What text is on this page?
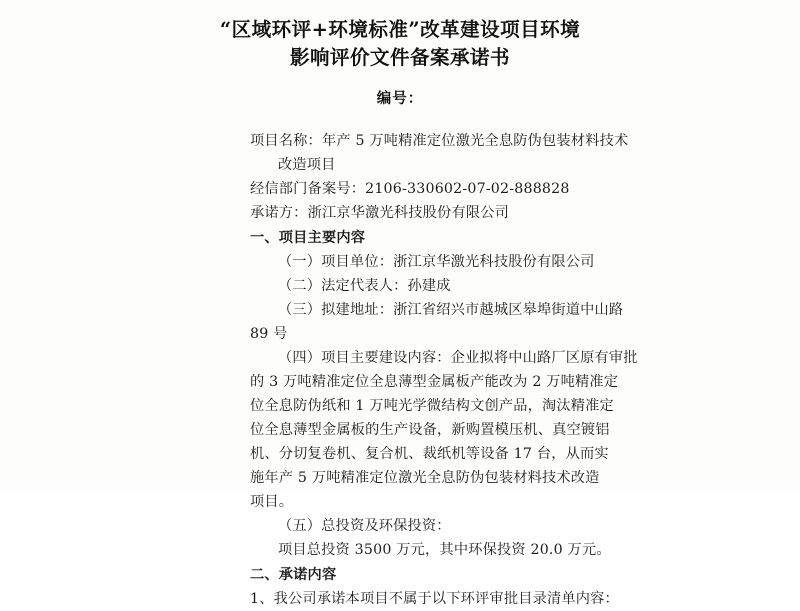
“区域环评+环境标准”改革建设项目环境
影响评价文件备案承诺书
编号：

项目名称：年产 5 万吨精准定位激光全息防伪包装材料技术

改造项目

经信部门备案号：2106-330602-07-02-888828

承诺方：浙江京华激光科技股份有限公司

一、项目主要内容

（一）项目单位：浙江京华激光科技股份有限公司

（二）法定代表人：孙建成

（三）拟建地址：浙江省绍兴市越城区皋埠街道中山路

89 号

（四）项目主要建设内容：企业拟将中山路厂区原有审批

的 3 万吨精准定位全息薄型金属板产能改为 2 万吨精准定

位全息防伪纸和 1 万吨光学微结构文创产品，淘汰精准定

位全息薄型金属板的生产设备，新购置模压机、真空镀铝

机、分切复卷机、复合机、裁纸机等设备 17 台，从而实

施年产 5 万吨精准定位激光全息防伪包装材料技术改造

项目。

（五）总投资及环保投资：

项目总投资 3500 万元，其中环保投资 20.0 万元。

二、承诺内容

1、我公司承诺本项目不属于以下环评审批目录清单内容：
